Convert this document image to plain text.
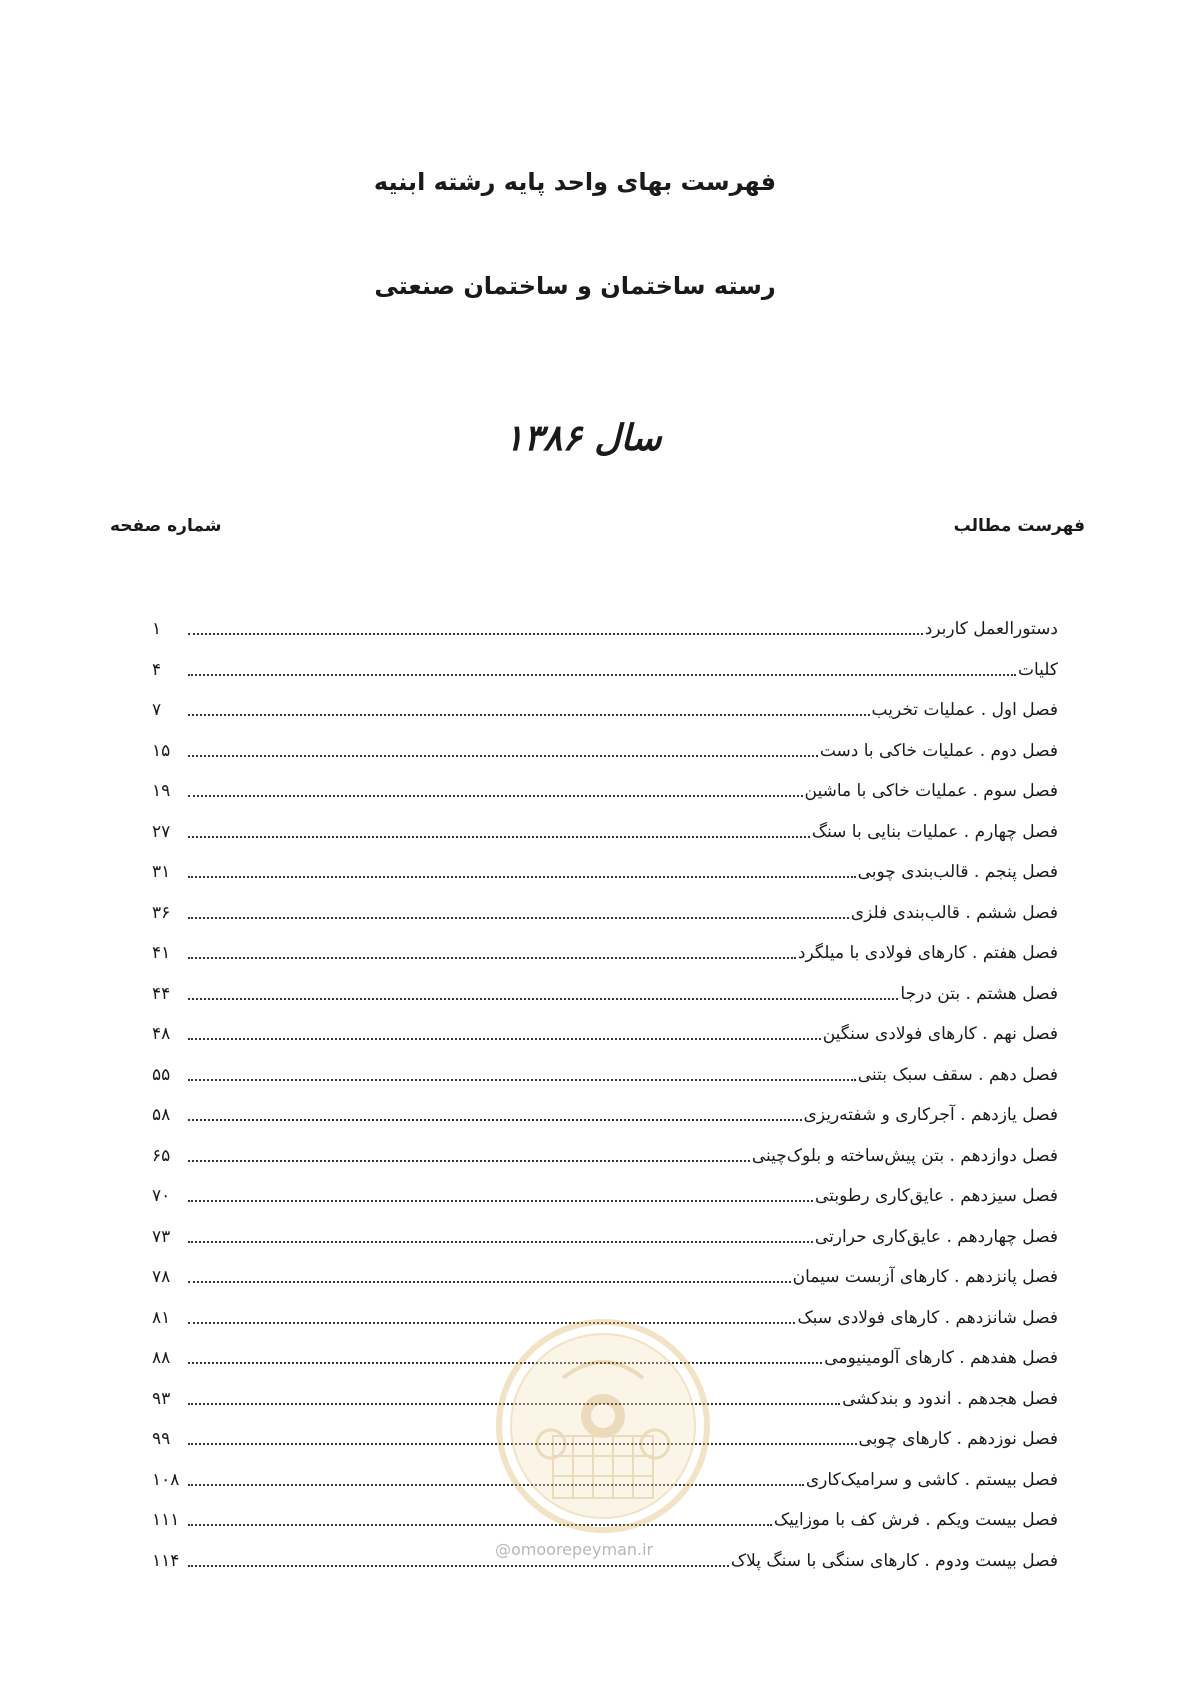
فهرست بهای واحد پایه رشته ابنیه
رسته ساختمان و ساختمان صنعتی
سال ۱۳۸۶
فهرست مطالب
شماره صفحه
دستورالعمل کاربرد
۱
کلیات
۴
فصل اول . عملیات تخریب
۷
فصل دوم . عملیات خاکی با دست
۱۵
فصل سوم . عملیات خاکی با ماشین
۱۹
فصل چهارم . عملیات بنایی با سنگ
۲۷
فصل پنجم . قالب‌بندی چوبی
۳۱
فصل ششم . قالب‌بندی فلزی
۳۶
فصل هفتم . کارهای فولادی با میلگرد
۴۱
فصل هشتم . بتن درجا
۴۴
فصل نهم . کارهای فولادی سنگین
۴۸
فصل دهم . سقف سبک بتنی
۵۵
فصل یازدهم . آجرکاری و شفته‌ریزی
۵۸
فصل دوازدهم . بتن پیش‌ساخته و بلوک‌چینی
۶۵
فصل سیزدهم . عایق‌کاری رطوبتی
۷۰
فصل چهاردهم . عایق‌کاری حرارتی
۷۳
فصل پانزدهم . کارهای آزبست سیمان
۷۸
فصل شانزدهم . کارهای فولادی سبک
۸۱
فصل هفدهم . کارهای آلومینیومی
۸۸
فصل هجدهم . اندود و بندکشی
۹۳
فصل نوزدهم . کارهای چوبی
۹۹
فصل بیستم . کاشی و سرامیک‌کاری
۱۰۸
فصل بیست ویکم . فرش کف با موزاییک
۱۱۱
فصل بیست ودوم . کارهای سنگی با سنگ پلاک
۱۱۴
@omoorepeyman.ir
